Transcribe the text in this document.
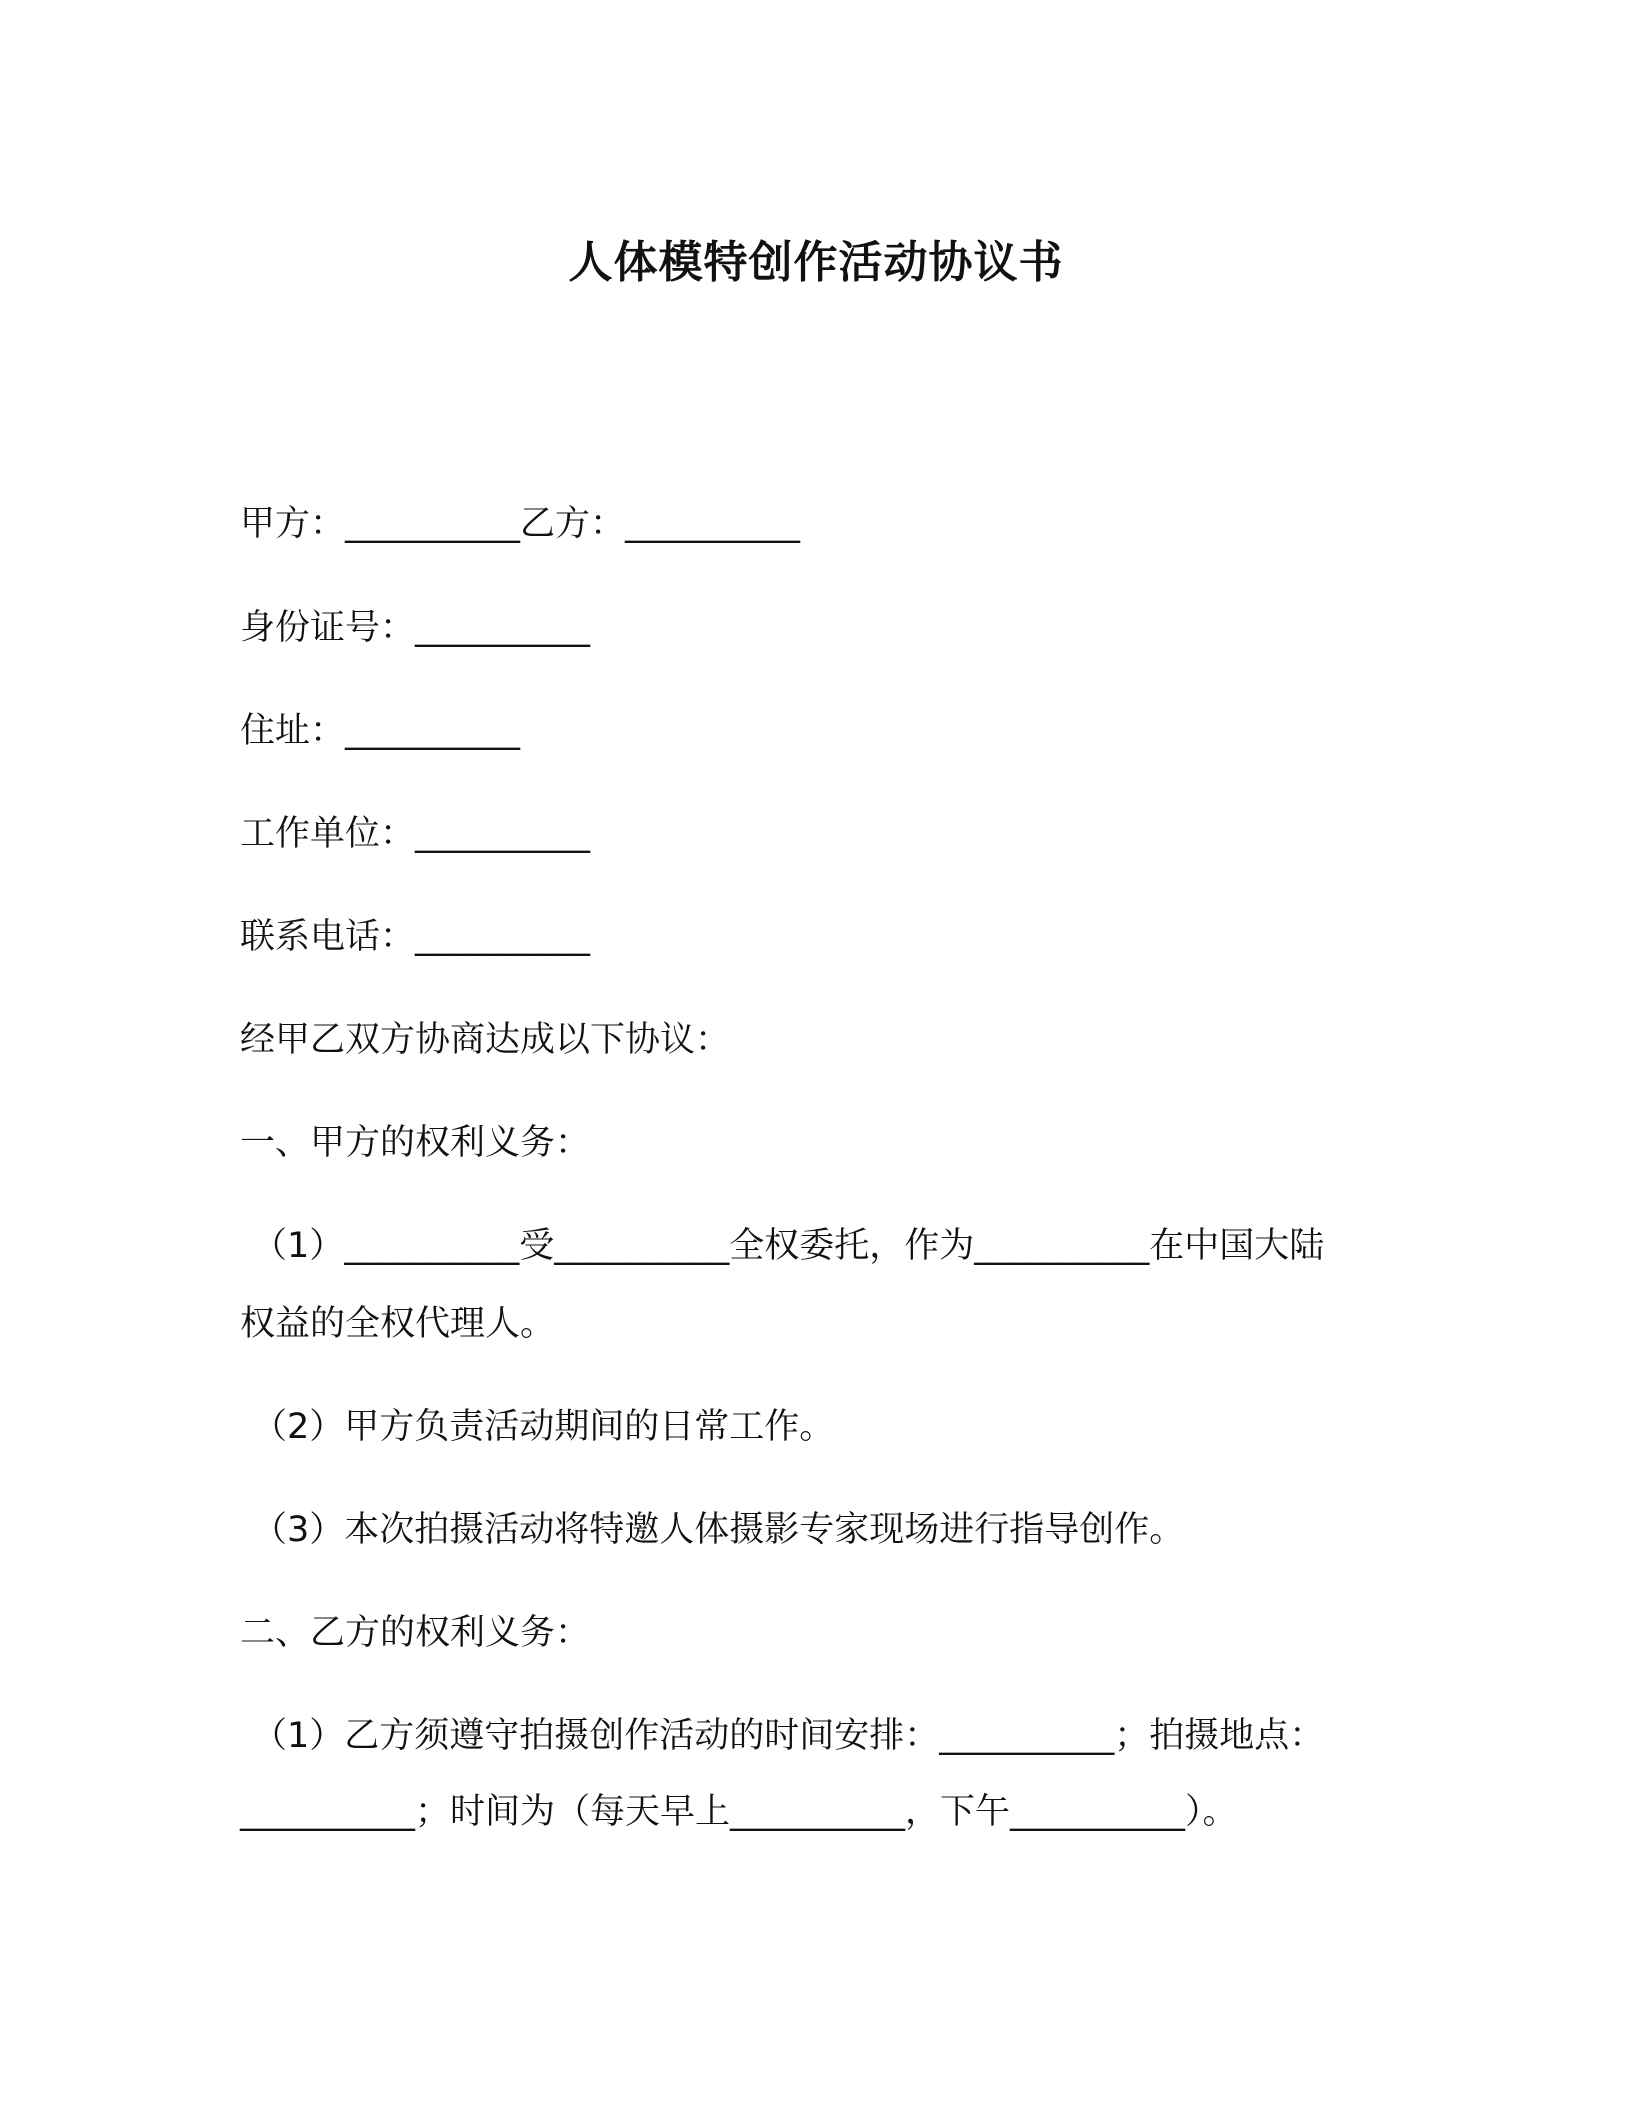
人体模特创作活动协议书
甲方：__________乙方：__________
身份证号：__________
住址：__________
工作单位：__________
联系电话：__________
经甲乙双方协商达成以下协议：
一、甲方的权利义务：
（1）__________受__________全权委托，作为__________在中国大陆
权益的全权代理人。
（2）甲方负责活动期间的日常工作。
（3）本次拍摄活动将特邀人体摄影专家现场进行指导创作。
二、乙方的权利义务：
（1）乙方须遵守拍摄创作活动的时间安排：__________；拍摄地点：
__________；时间为（每天早上__________，下午__________）。
